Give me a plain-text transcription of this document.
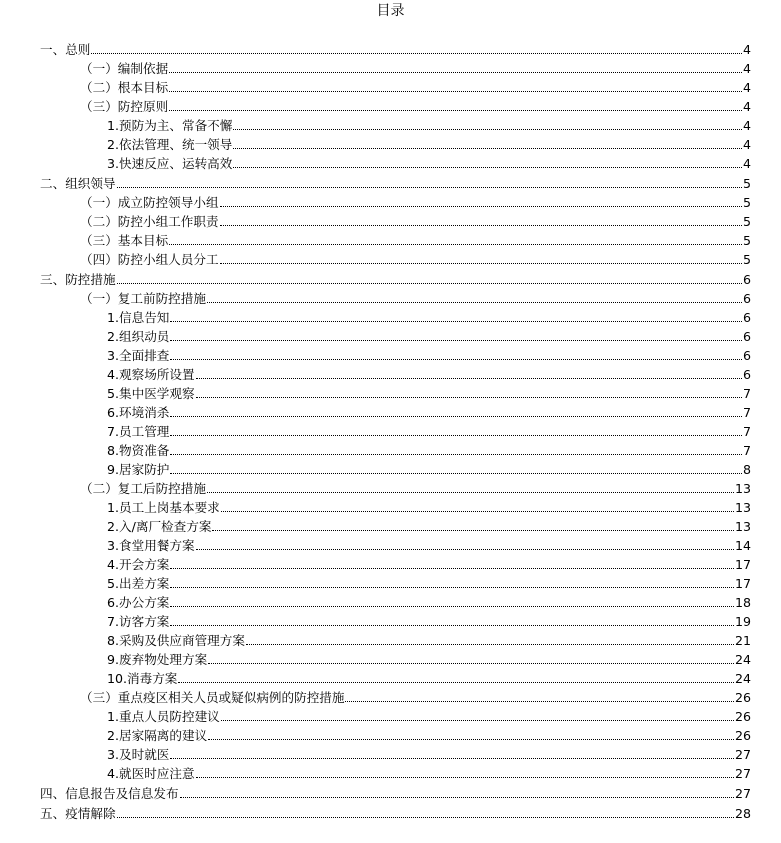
目录
一、总则	4
（一）编制依据	4
（二）根本目标	4
（三）防控原则	4
1.预防为主、常备不懈	4
2.依法管理、统一领导	4
3.快速反应、运转高效	4
二、组织领导	5
（一）成立防控领导小组	5
（二）防控小组工作职责	5
（三）基本目标	5
（四）防控小组人员分工	5
三、防控措施	6
（一）复工前防控措施	6
1.信息告知	6
2.组织动员	6
3.全面排查	6
4.观察场所设置	6
5.集中医学观察	7
6.环境消杀	7
7.员工管理	7
8.物资准备	7
9.居家防护	8
（二）复工后防控措施	13
1.员工上岗基本要求	13
2.入/离厂检查方案	13
3.食堂用餐方案	14
4.开会方案	17
5.出差方案	17
6.办公方案	18
7.访客方案	19
8.采购及供应商管理方案	21
9.废弃物处理方案	24
10.消毒方案	24
（三）重点疫区相关人员或疑似病例的防控措施	26
1.重点人员防控建议	26
2.居家隔离的建议	26
3.及时就医	27
4.就医时应注意	27
四、信息报告及信息发布	27
五、疫情解除	28
